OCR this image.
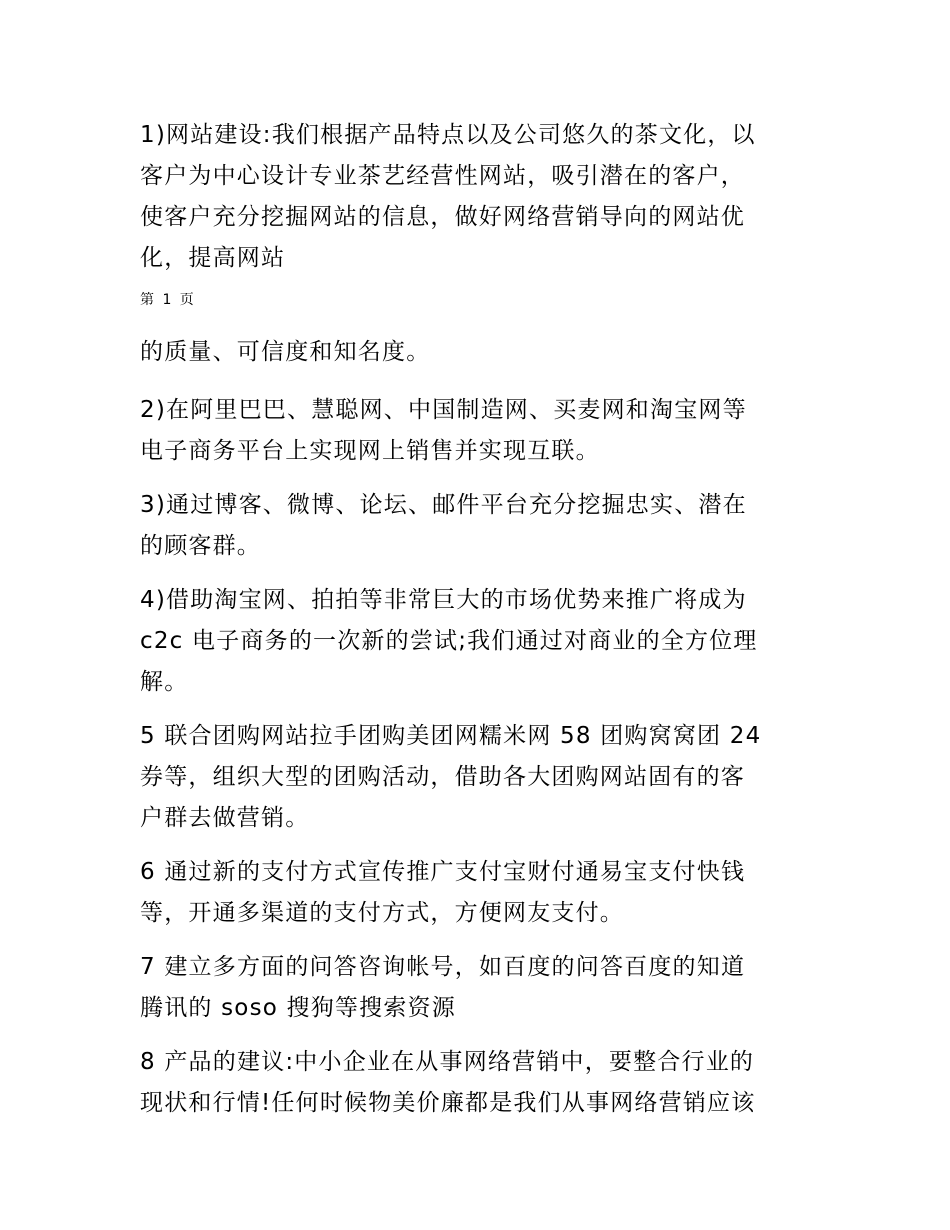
1)网站建设:我们根据产品特点以及公司悠久的茶文化，以
客户为中心设计专业茶艺经营性网站，吸引潜在的客户，
使客户充分挖掘网站的信息，做好网络营销导向的网站优
化，提高网站

第 1 页

的质量、可信度和知名度。

2)在阿里巴巴、慧聪网、中国制造网、买麦网和淘宝网等
电子商务平台上实现网上销售并实现互联。

3)通过博客、微博、论坛、邮件平台充分挖掘忠实、潜在
的顾客群。

4)借助淘宝网、拍拍等非常巨大的市场优势来推广将成为
c2c 电子商务的一次新的尝试;我们通过对商业的全方位理
解。

5 联合团购网站拉手团购美团网糯米网 58 团购窝窝团 24
券等，组织大型的团购活动，借助各大团购网站固有的客
户群去做营销。

6 通过新的支付方式宣传推广支付宝财付通易宝支付快钱
等，开通多渠道的支付方式，方便网友支付。

7 建立多方面的问答咨询帐号，如百度的问答百度的知道
腾讯的 soso 搜狗等搜索资源

8 产品的建议:中小企业在从事网络营销中，要整合行业的
现状和行情!任何时候物美价廉都是我们从事网络营销应该
